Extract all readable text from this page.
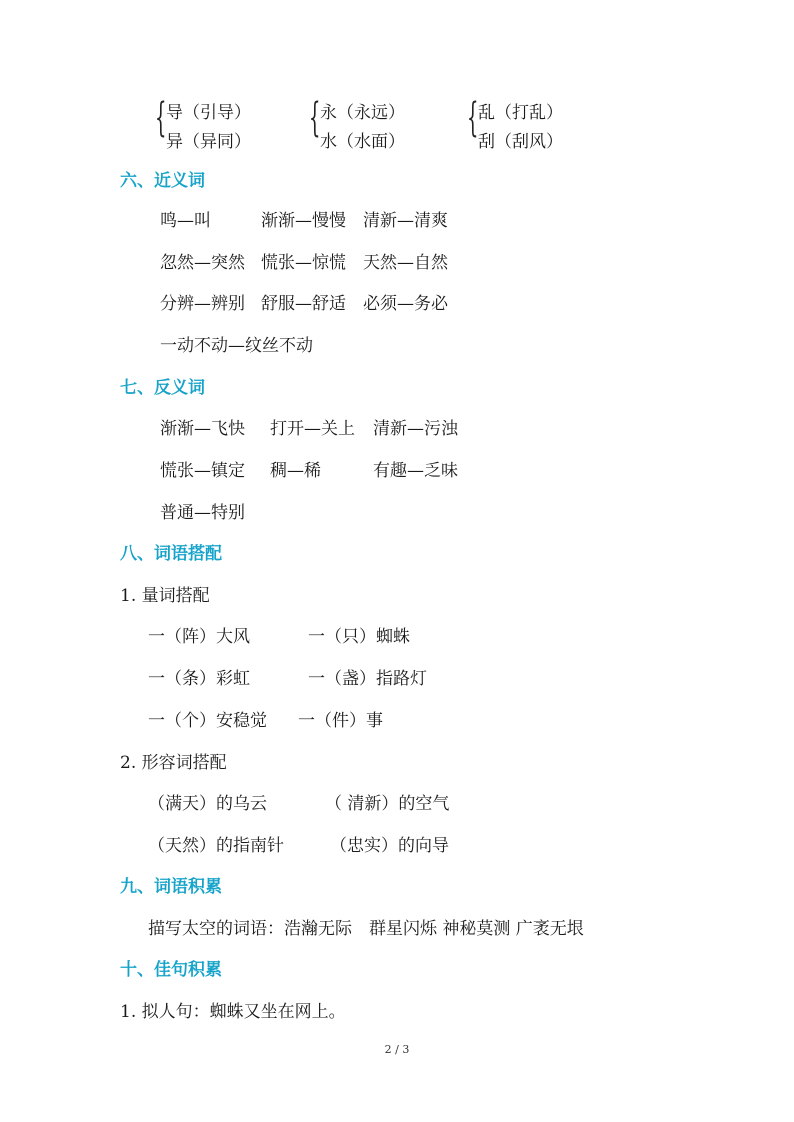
{ 导（引导）
异（异同）
{ 永（永远）
水（水面）
{ 乱（打乱）
刮（刮风）
六、近义词
鸣—叫	渐渐—慢慢 清新—清爽
忽然—突然 慌张—惊慌 天然—自然
分辨—辨别 舒服—舒适 必须—务必
一动不动—纹丝不动
七、反义词
渐渐—飞快 打开—关上 清新—污浊
慌张—镇定 稠—稀	有趣—乏味
普通—特别
八、词语搭配
1. 量词搭配
一（阵）大风	一（只）蜘蛛
一（条）彩虹	一（盏）指路灯
一（个）安稳觉 一（件）事
2. 形容词搭配
（满天）的乌云	（ 清新）的空气
（天然）的指南针	（忠实）的向导
九、词语积累
描写太空的词语：浩瀚无际　群星闪烁 神秘莫测 广袤无垠
十、佳句积累
1. 拟人句：蜘蛛又坐在网上。
2 / 3
